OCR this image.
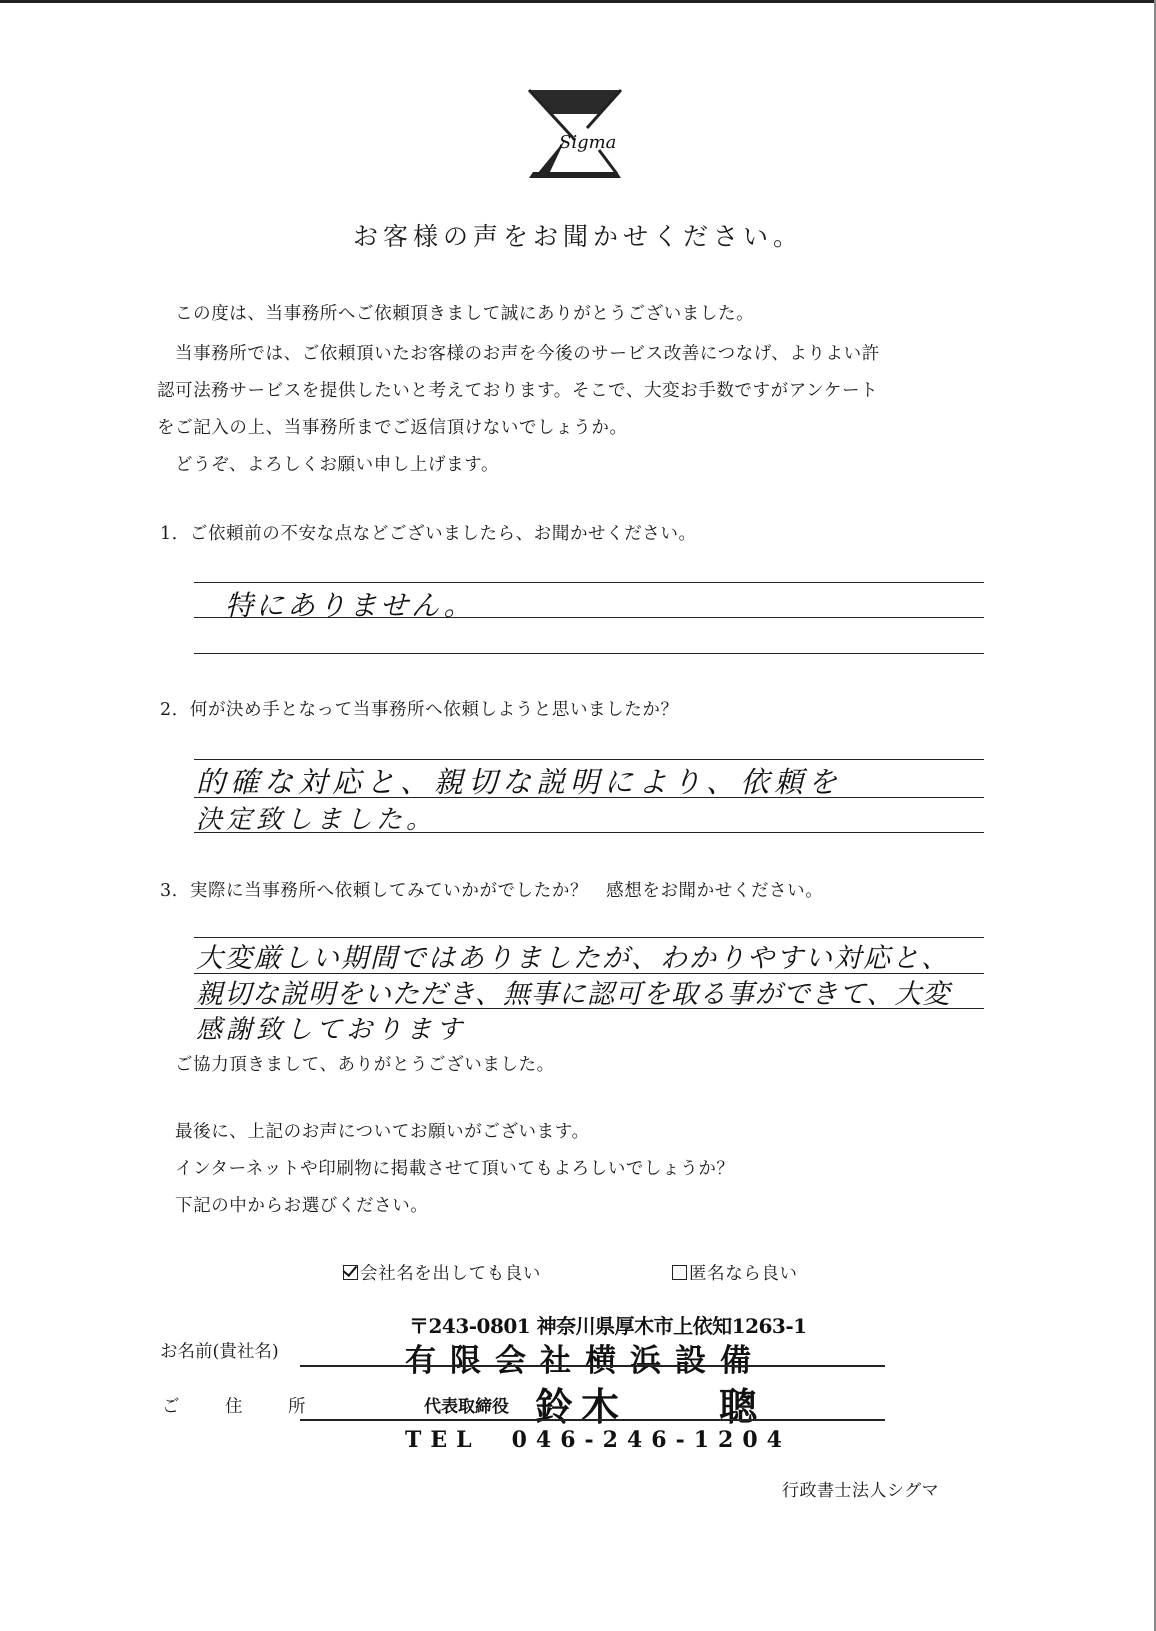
Sigma
お客様の声をお聞かせください。

この度は、当事務所へご依頼頂きまして誠にありがとうございました。

当事務所では、ご依頼頂いたお客様のお声を今後のサービス改善につなげ、よりよい許

認可法務サービスを提供したいと考えております。そこで、大変お手数ですがアンケート

をご記入の上、当事務所までご返信頂けないでしょうか。

どうぞ、よろしくお願い申し上げます。

1．ご依頼前の不安な点などございましたら、お聞かせください。

特にありません。

2．何が決め手となって当事務所へ依頼しようと思いましたか？

的確な対応と、親切な説明により、依頼を

決定致しました。

3．実際に当事務所へ依頼してみていかがでしたか？　感想をお聞かせください。

大変厳しい期間ではありましたが、わかりやすい対応と、

親切な説明をいただき、無事に認可を取る事ができて、大変

感謝致しております

ご協力頂きまして、ありがとうございました。

最後に、上記のお声についてお願いがございます。

インターネットや印刷物に掲載させて頂いてもよろしいでしょうか？

下記の中からお選びください。

会社名を出しても良い	匿名なら良い
お名前(貴社名)
ご　住　所
〒243-0801 神奈川県厚木市上依知1263-1
有限会社横浜設備
代表取締役 鈴木　　聰
TEL　046-246-1204
行政書士法人シグマ
